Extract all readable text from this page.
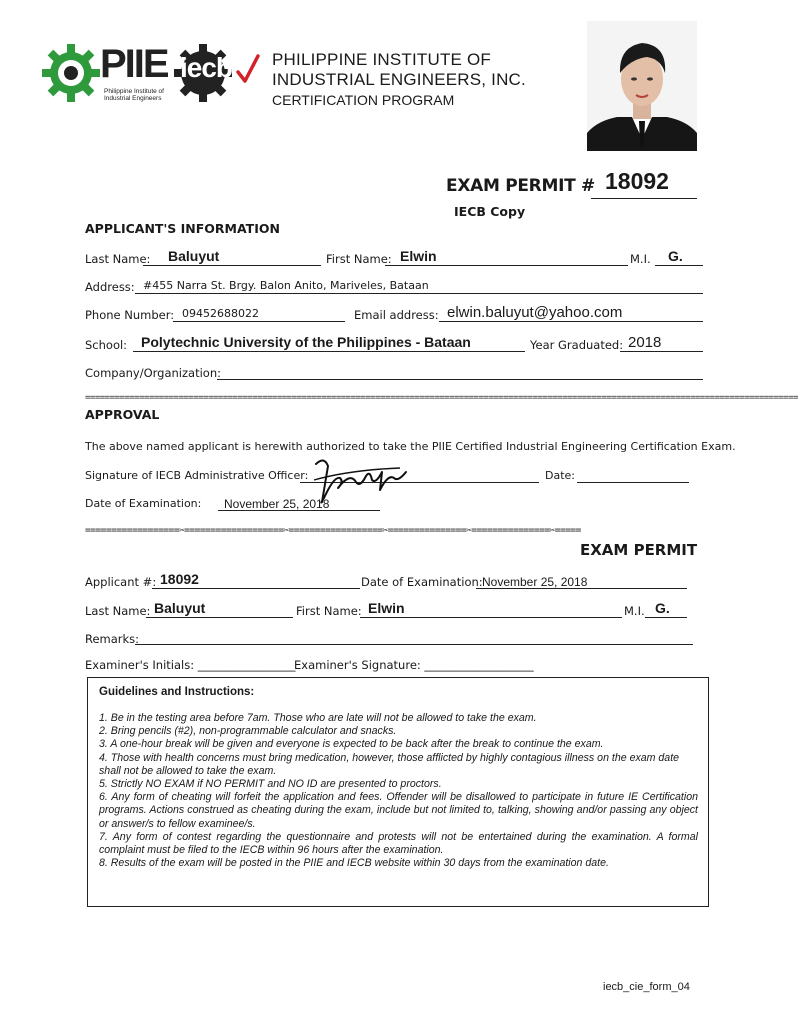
PIIE
Philippine Institute of Industrial Engineers
iecb PHILIPPINE INSTITUTE OF
INDUSTRIAL ENGINEERS, INC.
CERTIFICATION PROGRAM
EXAM PERMIT # 18092
IECB Copy
APPLICANT'S INFORMATION
Last Name: Baluyut	First Name: Elwin	M.I. G.
Address: #455 Narra St. Brgy. Balon Anito, Mariveles, Bataan
Phone Number: 09452688022	Email address: elwin.baluyut@yahoo.com
School: Polytechnic University of the Philippines - Bataan	Year Graduated: 2018
Company/Organization:
=================================================================================================================================================
APPROVAL
The above named applicant is herewith authorized to take the PIIE Certified Industrial Engineering Certification Exam.
Signature of IECB Administrative Officer:	Date:
Date of Examination: November 25, 2018
==================✂===================✂==================✂===============✂===============✂=====
EXAM PERMIT
Applicant #: 18092	Date of Examination: November 25, 2018
Last Name: Baluyut	First Name: Elwin	M.I. G.
Remarks:
Examiner's Initials: _________________
Examiner's Signature: ___________________
Guidelines and Instructions:
1. Be in the testing area before 7am. Those who are late will not be allowed to take the exam.
2. Bring pencils (#2), non-programmable calculator and snacks.
3. A one-hour break will be given and everyone is expected to be back after the break to continue the exam.
4. Those with health concerns must bring medication, however, those afflicted by highly contagious illness on the exam date shall not be allowed to take the exam.
5. Strictly NO EXAM if NO PERMIT and NO ID are presented to proctors.
6. Any form of cheating will forfeit the application and fees. Offender will be disallowed to participate in future IE Certification programs. Actions construed as cheating during the exam, include but not limited to, talking, showing and/or passing any object or answer/s to fellow examinee/s.
7. Any form of contest regarding the questionnaire and protests will not be entertained during the examination. A formal complaint must be filed to the IECB within 96 hours after the examination.
8. Results of the exam will be posted in the PIIE and IECB website within 30 days from the examination date.
iecb_cie_form_04
